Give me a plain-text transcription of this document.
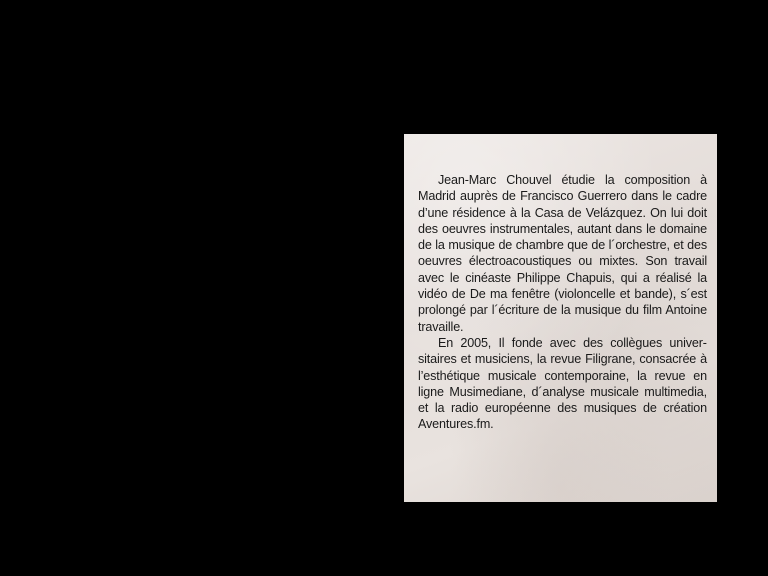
Jean-Marc Chouvel étudie la composition à Madrid auprès de Francisco Guerrero dans le cadre d’une résidence à la Casa de Velázquez. On lui doit des oeuvres instrumentales, autant dans le domaine de la musique de chambre que de l´orchestre, et des oeuvres électroacoustiques ou mixtes. Son travail avec le cinéaste Philippe Chapuis, qui a réalisé la vidéo de De ma fenêtre (violoncelle et bande), s´est prolongé par l´écriture de la musique du film Antoine travaille.

En 2005, Il fonde avec des collègues universitaires et musiciens, la revue Filigrane, consacrée à l’esthétique musicale contemporaine, la revue en ligne Musimediane, d´analyse musicale multimedia, et la radio européenne des musiques de création Aventures.fm.
